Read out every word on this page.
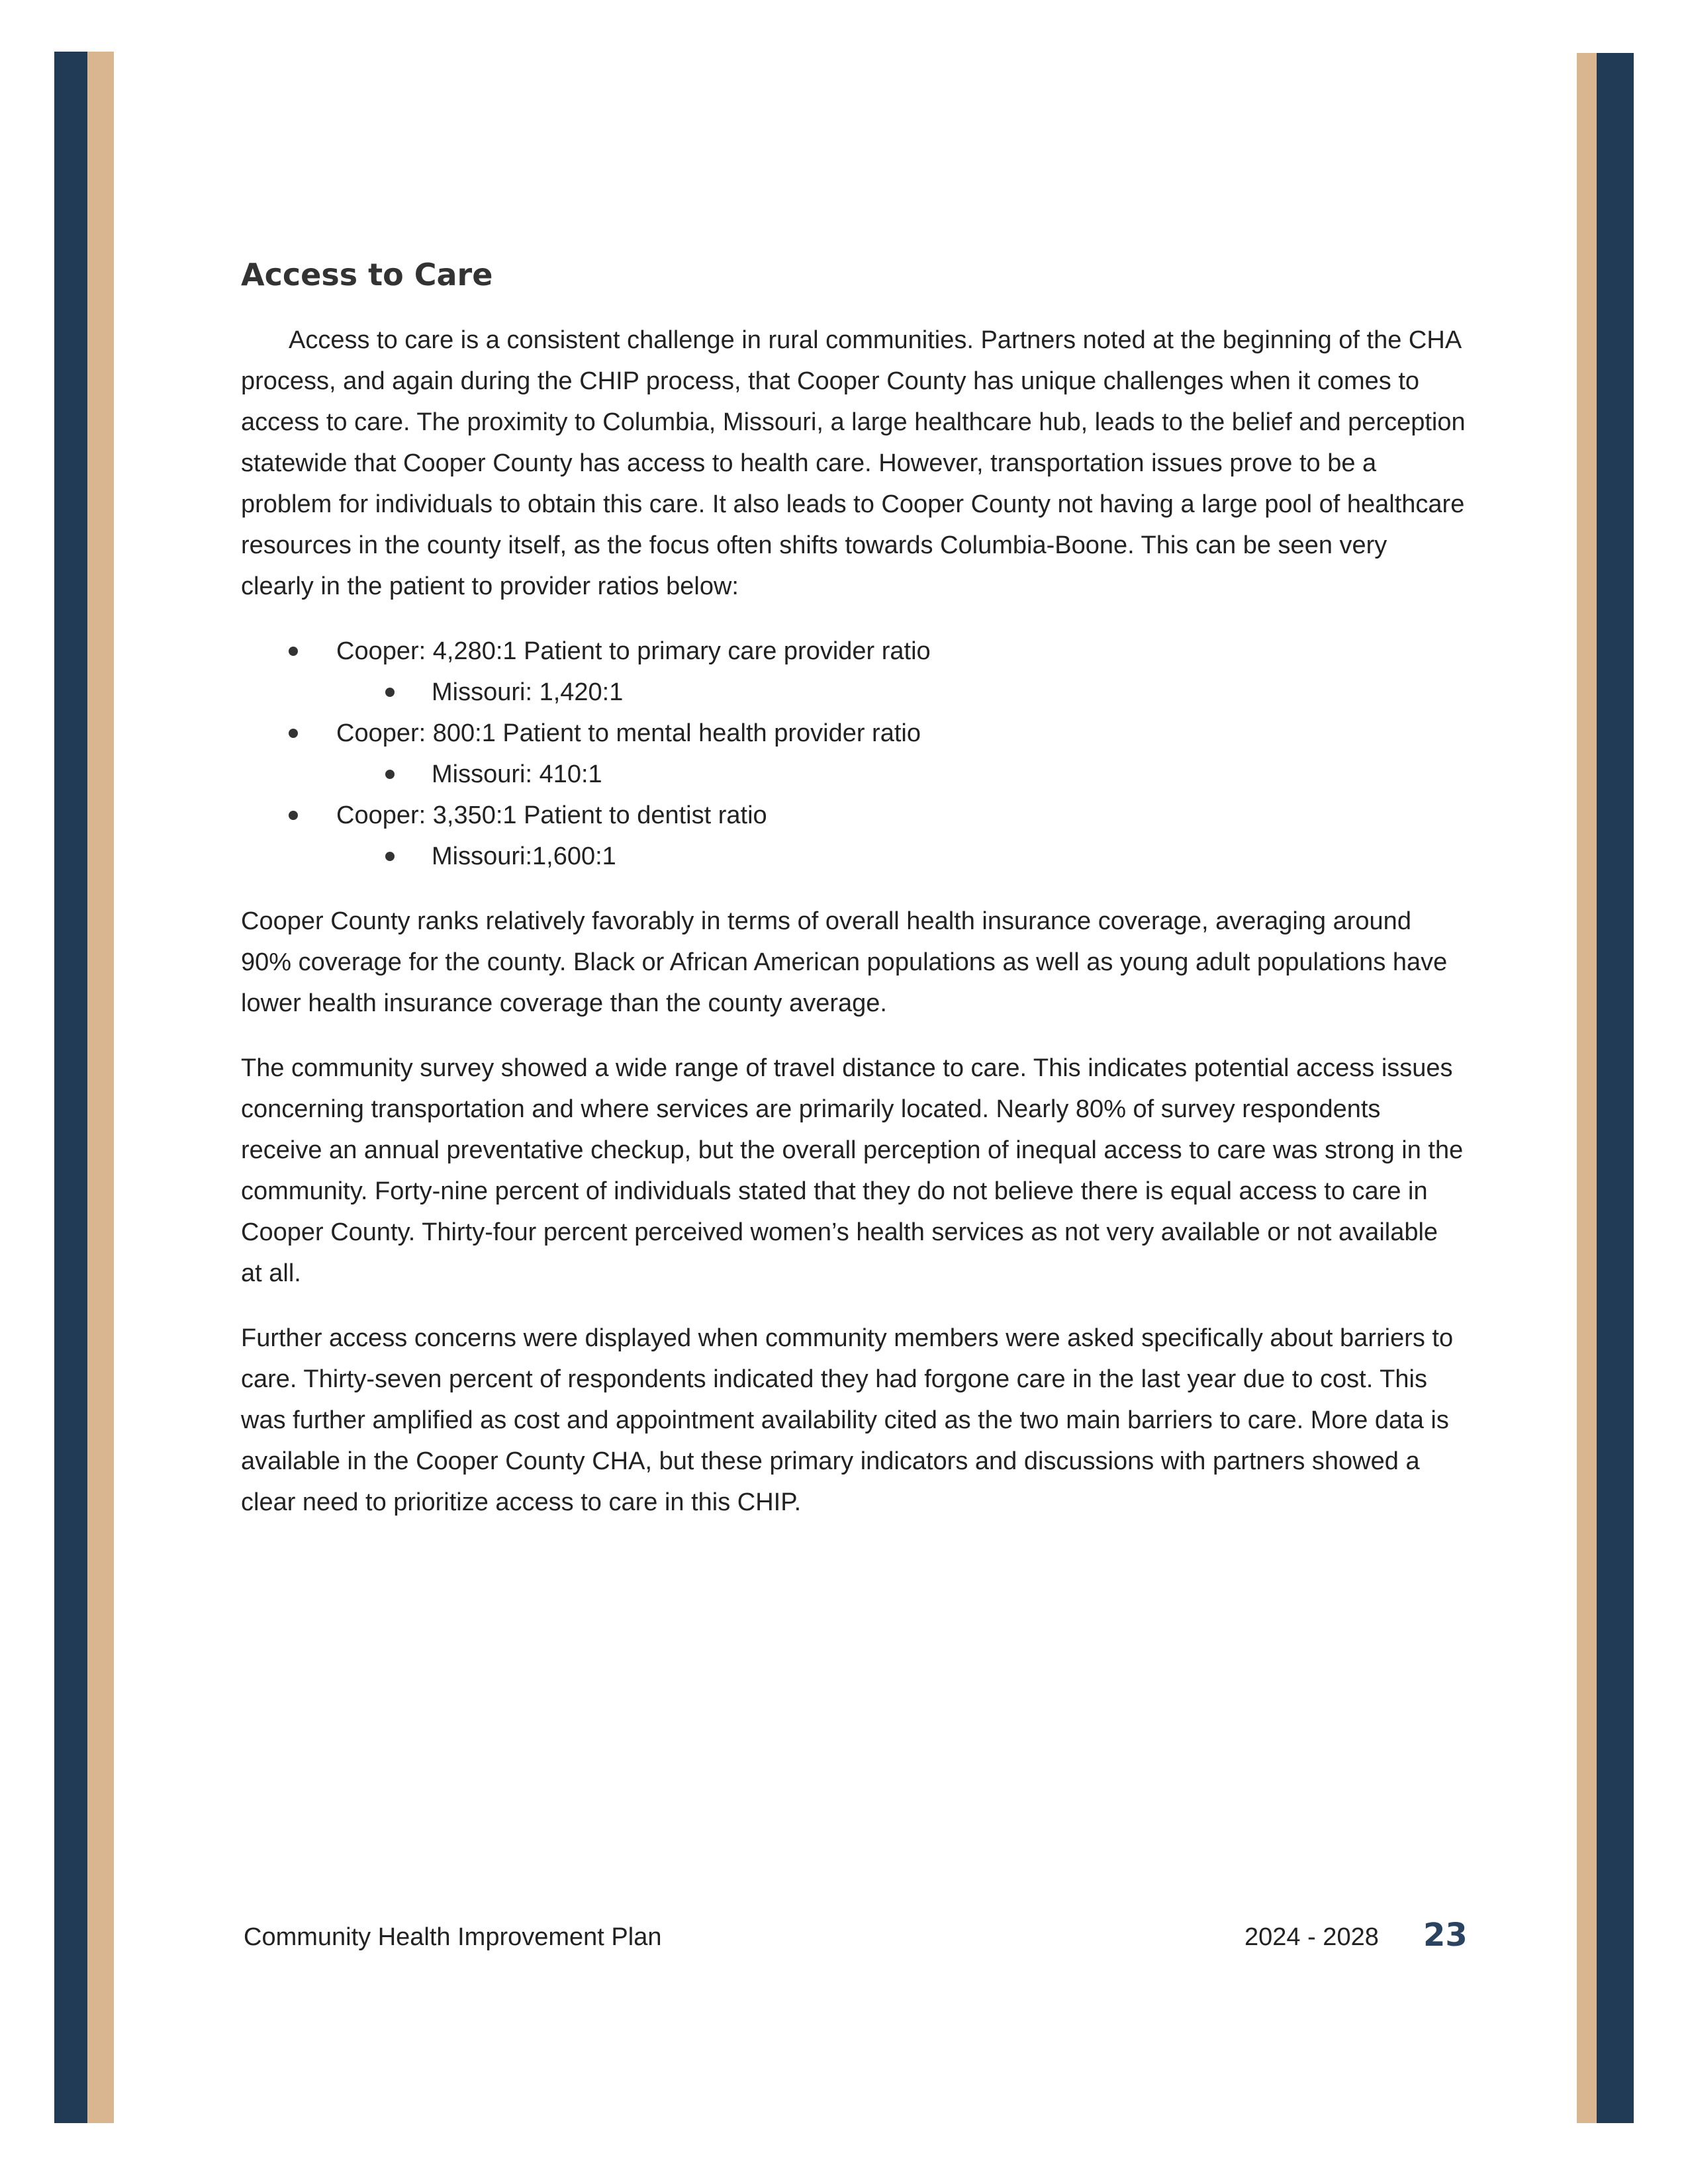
Access to Care

Access to care is a consistent challenge in rural communities. Partners noted at the beginning of the CHA process, and again during the CHIP process, that Cooper County has unique challenges when it comes to access to care. The proximity to Columbia, Missouri, a large healthcare hub, leads to the belief and perception statewide that Cooper County has access to health care. However, transportation issues prove to be a problem for individuals to obtain this care. It also leads to Cooper County not having a large pool of healthcare resources in the county itself, as the focus often shifts towards Columbia-Boone. This can be seen very clearly in the patient to provider ratios below:

Cooper: 4,280:1 Patient to primary care provider ratio
Missouri: 1,420:1
Cooper: 800:1 Patient to mental health provider ratio
Missouri: 410:1
Cooper: 3,350:1 Patient to dentist ratio
Missouri:1,600:1

Cooper County ranks relatively favorably in terms of overall health insurance coverage, averaging around 90% coverage for the county. Black or African American populations as well as young adult populations have lower health insurance coverage than the county average.

The community survey showed a wide range of travel distance to care. This indicates potential access issues concerning transportation and where services are primarily located. Nearly 80% of survey respondents receive an annual preventative checkup, but the overall perception of inequal access to care was strong in the community. Forty-nine percent of individuals stated that they do not believe there is equal access to care in Cooper County. Thirty-four percent perceived women’s health services as not very available or not available at all.

Further access concerns were displayed when community members were asked specifically about barriers to care. Thirty-seven percent of respondents indicated they had forgone care in the last year due to cost. This was further amplified as cost and appointment availability cited as the two main barriers to care. More data is available in the Cooper County CHA, but these primary indicators and discussions with partners showed a clear need to prioritize access to care in this CHIP.

Community Health Improvement Plan	2024 - 2028 23
